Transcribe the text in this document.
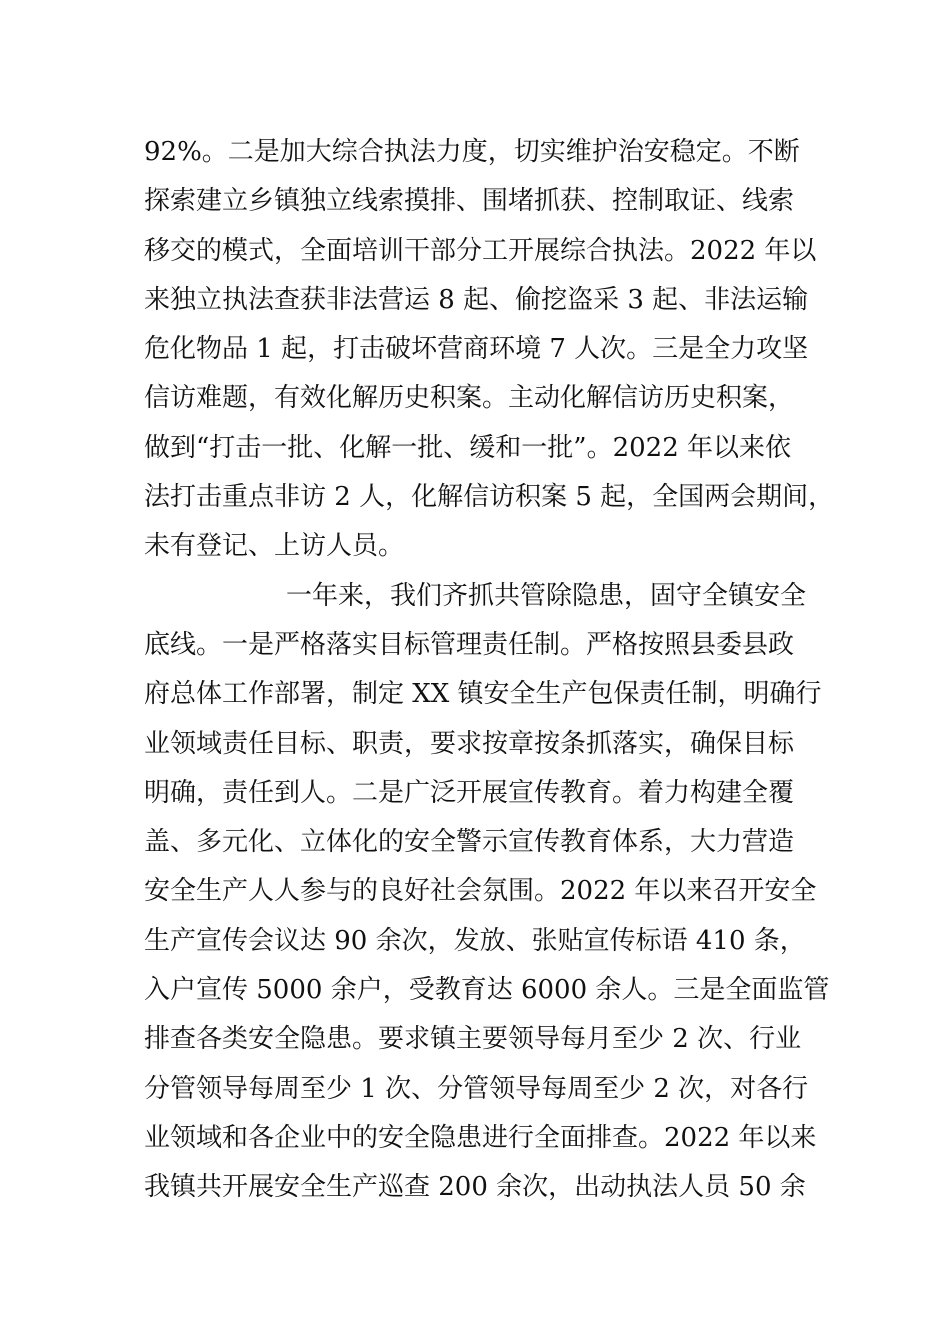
92%。二是加大综合执法力度，切实维护治安稳定。不断
探索建立乡镇独立线索摸排、围堵抓获、控制取证、线索
移交的模式，全面培训干部分工开展综合执法。2022 年以
来独立执法查获非法营运 8 起、偷挖盗采 3 起、非法运输
危化物品 1 起，打击破坏营商环境 7 人次。三是全力攻坚
信访难题，有效化解历史积案。主动化解信访历史积案，
做到“打击一批、化解一批、缓和一批”。2022 年以来依
法打击重点非访 2 人，化解信访积案 5 起，全国两会期间，
未有登记、上访人员。
一年来，我们齐抓共管除隐患，固守全镇安全
底线。一是严格落实目标管理责任制。严格按照县委县政
府总体工作部署，制定 XX 镇安全生产包保责任制，明确行
业领域责任目标、职责，要求按章按条抓落实，确保目标
明确，责任到人。二是广泛开展宣传教育。着力构建全覆
盖、多元化、立体化的安全警示宣传教育体系，大力营造
安全生产人人参与的良好社会氛围。2022 年以来召开安全
生产宣传会议达 90 余次，发放、张贴宣传标语 410 条，
入户宣传 5000 余户，受教育达 6000 余人。三是全面监管
排查各类安全隐患。要求镇主要领导每月至少 2 次、行业
分管领导每周至少 1 次、分管领导每周至少 2 次，对各行
业领域和各企业中的安全隐患进行全面排查。2022 年以来
我镇共开展安全生产巡查 200 余次，出动执法人员 50 余
